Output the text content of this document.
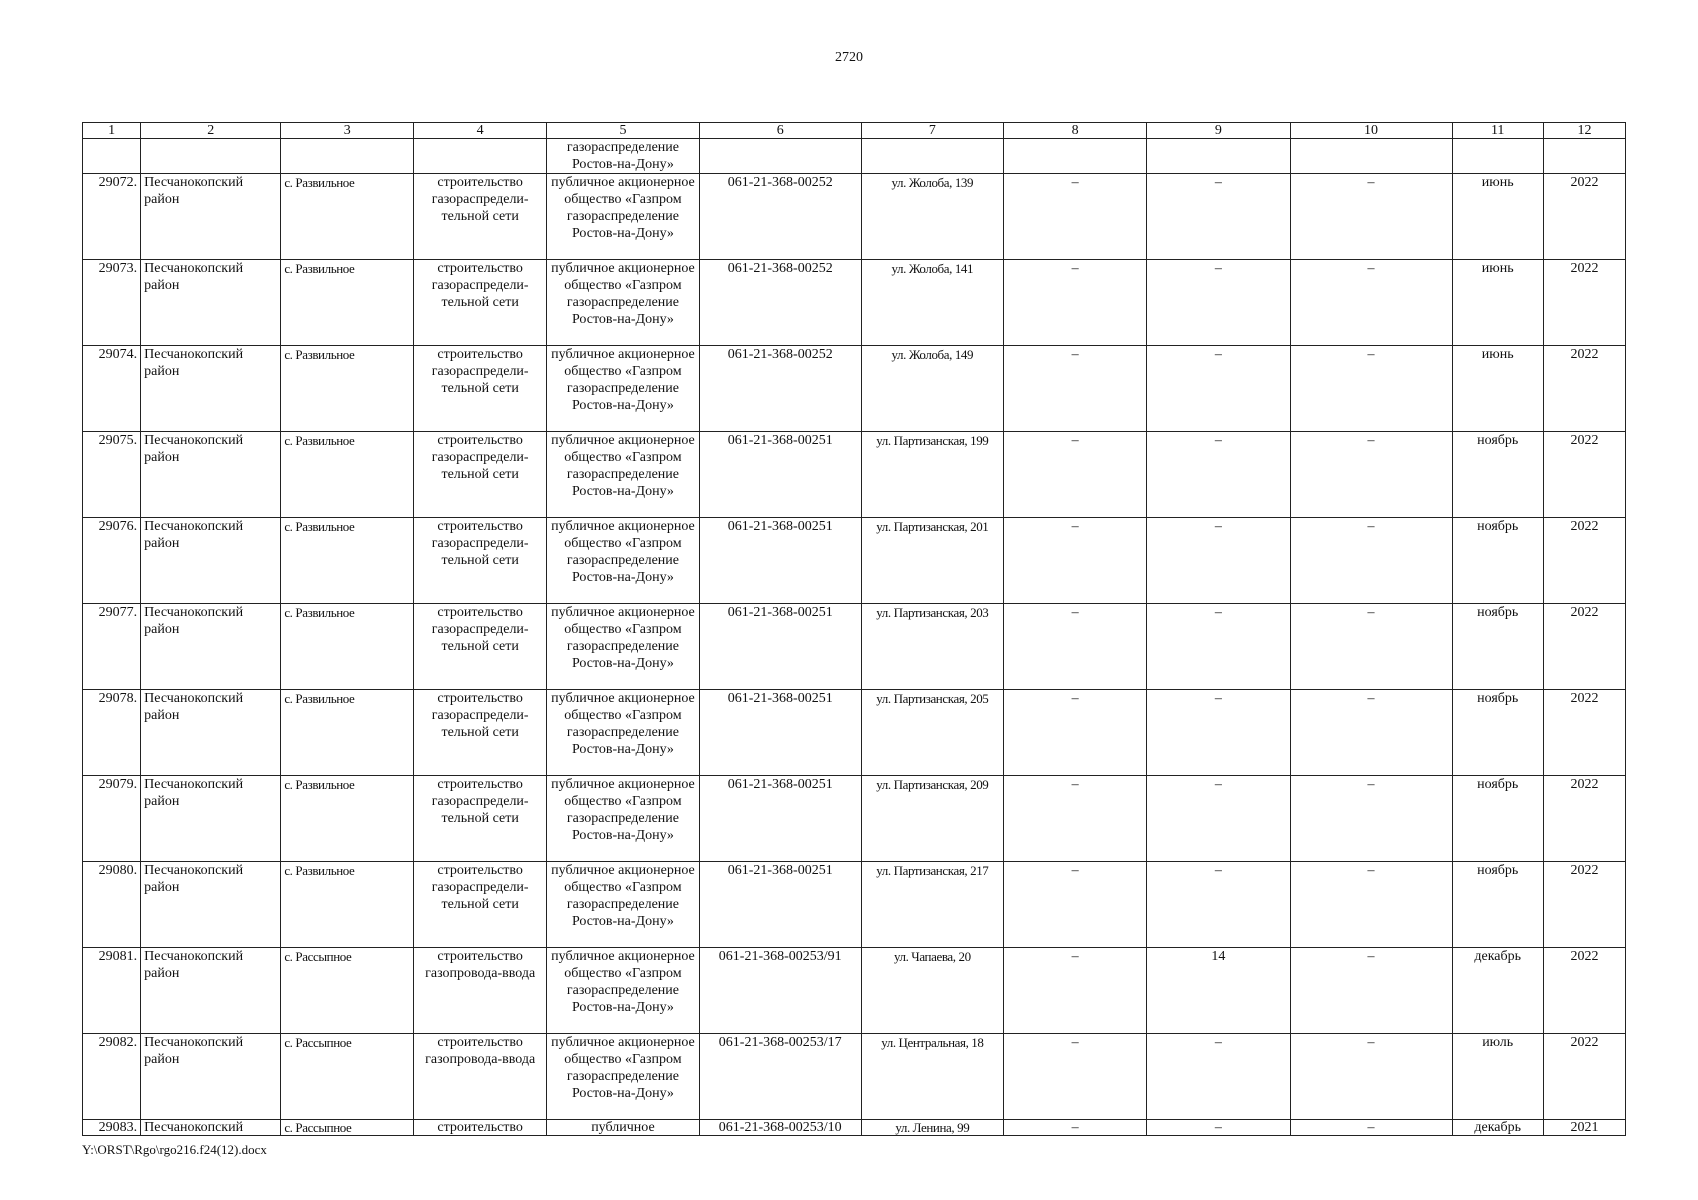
2720
1	2	3	4	5	6	7	8	9	10	11	12
				газораспределение Ростов-на-Дону»							
29072.	Песчанокопский район	с. Развильное	строительство газораспредели-тельной сети	публичное акционерное общество «Газпром газораспределение Ростов-на-Дону»	061-21-368-00252	ул. Жолоба, 139	–	–	–	июнь	2022
29073.	Песчанокопский район	с. Развильное	строительство газораспредели-тельной сети	публичное акционерное общество «Газпром газораспределение Ростов-на-Дону»	061-21-368-00252	ул. Жолоба, 141	–	–	–	июнь	2022
29074.	Песчанокопский район	с. Развильное	строительство газораспредели-тельной сети	публичное акционерное общество «Газпром газораспределение Ростов-на-Дону»	061-21-368-00252	ул. Жолоба, 149	–	–	–	июнь	2022
29075.	Песчанокопский район	с. Развильное	строительство газораспредели-тельной сети	публичное акционерное общество «Газпром газораспределение Ростов-на-Дону»	061-21-368-00251	ул. Партизанская, 199	–	–	–	ноябрь	2022
29076.	Песчанокопский район	с. Развильное	строительство газораспредели-тельной сети	публичное акционерное общество «Газпром газораспределение Ростов-на-Дону»	061-21-368-00251	ул. Партизанская, 201	–	–	–	ноябрь	2022
29077.	Песчанокопский район	с. Развильное	строительство газораспредели-тельной сети	публичное акционерное общество «Газпром газораспределение Ростов-на-Дону»	061-21-368-00251	ул. Партизанская, 203	–	–	–	ноябрь	2022
29078.	Песчанокопский район	с. Развильное	строительство газораспредели-тельной сети	публичное акционерное общество «Газпром газораспределение Ростов-на-Дону»	061-21-368-00251	ул. Партизанская, 205	–	–	–	ноябрь	2022
29079.	Песчанокопский район	с. Развильное	строительство газораспредели-тельной сети	публичное акционерное общество «Газпром газораспределение Ростов-на-Дону»	061-21-368-00251	ул. Партизанская, 209	–	–	–	ноябрь	2022
29080.	Песчанокопский район	с. Развильное	строительство газораспредели-тельной сети	публичное акционерное общество «Газпром газораспределение Ростов-на-Дону»	061-21-368-00251	ул. Партизанская, 217	–	–	–	ноябрь	2022
29081.	Песчанокопский район	с. Рассыпное	строительство газопровода-ввода	публичное акционерное общество «Газпром газораспределение Ростов-на-Дону»	061-21-368-00253/91	ул. Чапаева, 20	–	14	–	декабрь	2022
29082.	Песчанокопский район	с. Рассыпное	строительство газопровода-ввода	публичное акционерное общество «Газпром газораспределение Ростов-на-Дону»	061-21-368-00253/17	ул. Центральная, 18	–	–	–	июль	2022
29083.	Песчанокопский	с. Рассыпное	строительство	публичное	061-21-368-00253/10	ул. Ленина, 99	–	–	–	декабрь	2021
Y:\ORST\Rgo\rgo216.f24(12).docx
